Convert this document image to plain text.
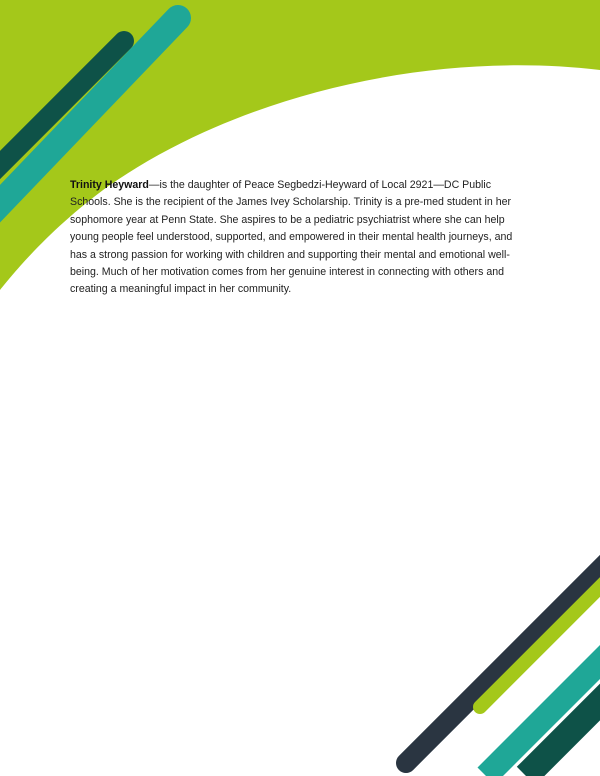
Trinity Heyward—is the daughter of Peace Segbedzi-Heyward of Local 2921—DC Public Schools. She is the recipient of the James Ivey Scholarship. Trinity is a pre-med student in her sophomore year at Penn State. She aspires to be a pediatric psychiatrist where she can help young people feel understood, supported, and empowered in their mental health journeys, and has a strong passion for working with children and supporting their mental and emotional well-being. Much of her motivation comes from her genuine interest in connecting with others and creating a meaningful impact in her community.
